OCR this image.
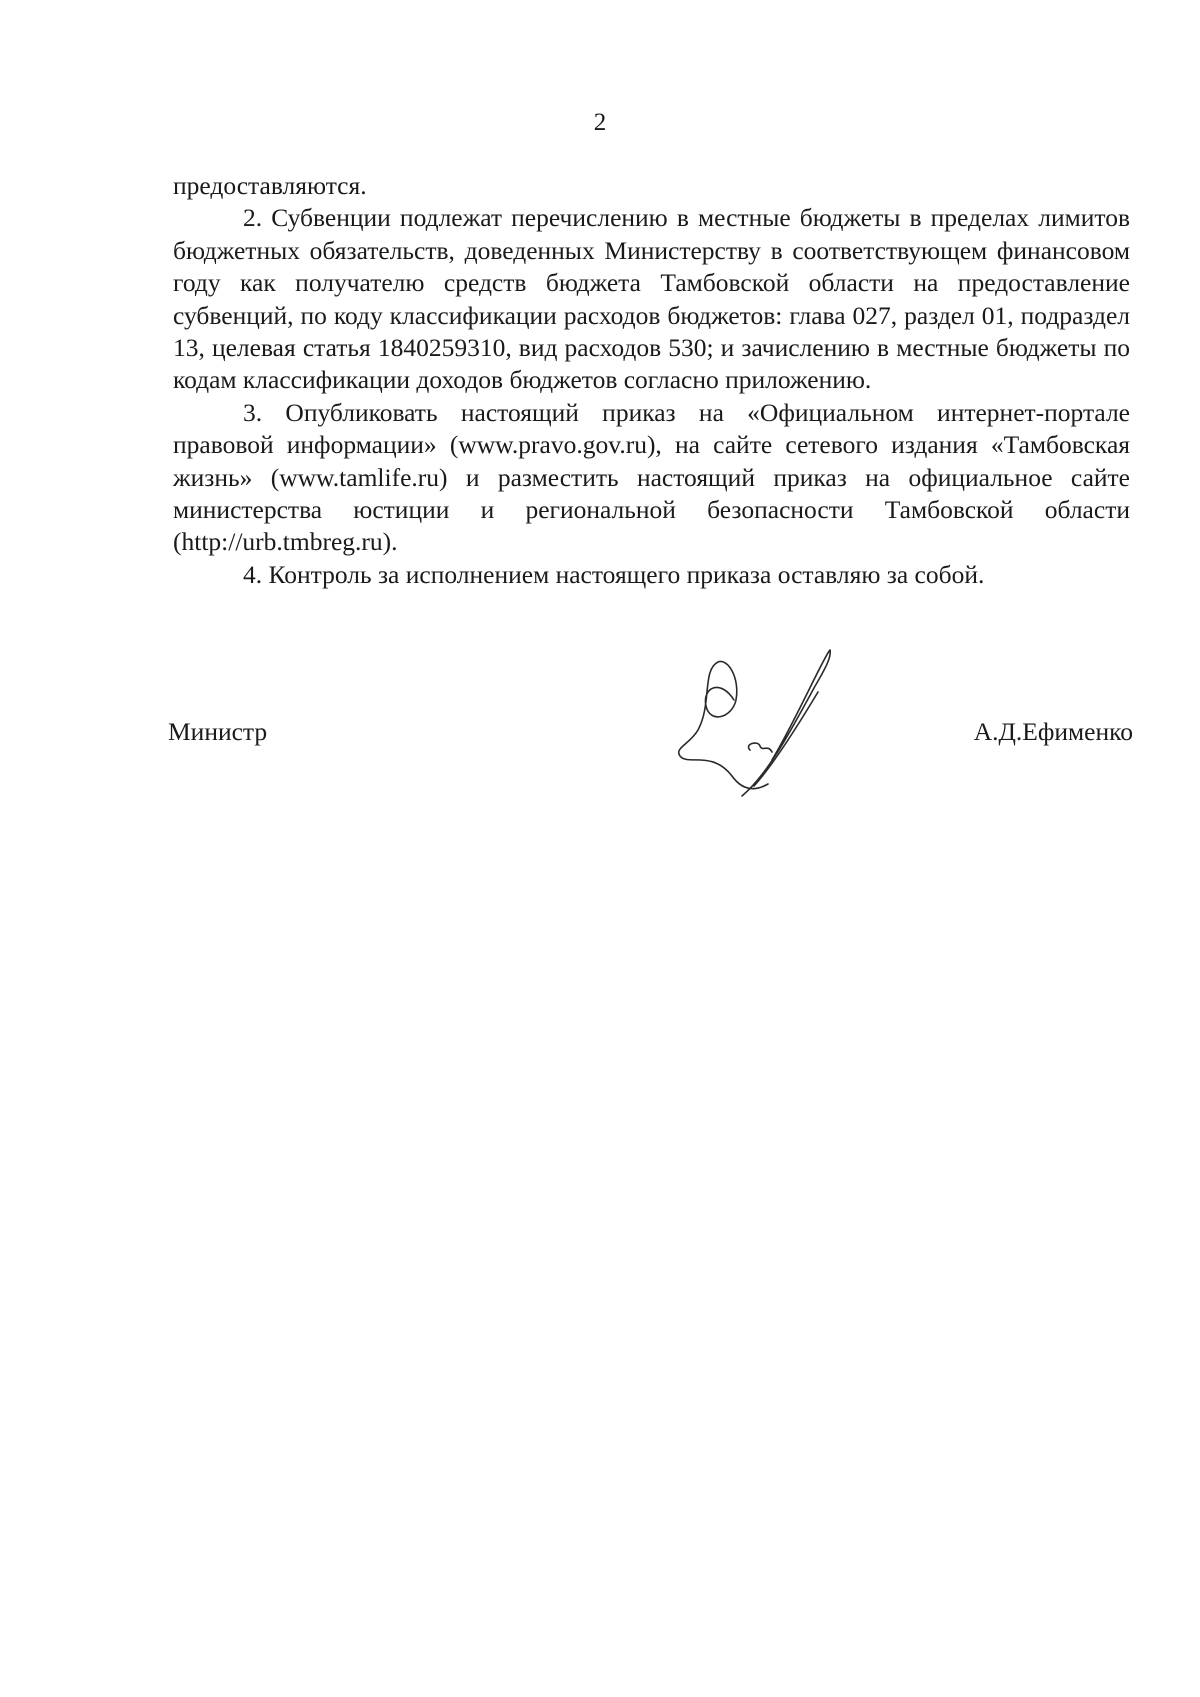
2

предоставляются.

2. Субвенции подлежат перечислению в местные бюджеты в пределах лимитов бюджетных обязательств, доведенных Министерству в соответствующем финансовом году как получателю средств бюджета Тамбовской области на предоставление субвенций, по коду классификации расходов бюджетов: глава 027, раздел 01, подраздел 13, целевая статья 1840259310, вид расходов 530; и зачислению в местные бюджеты по кодам классификации доходов бюджетов согласно приложению.

3. Опубликовать настоящий приказ на «Официальном интернет-портале правовой информации» (www.pravo.gov.ru), на сайте сетевого издания «Тамбовская жизнь» (www.tamlife.ru) и разместить настоящий приказ на официальное сайте министерства юстиции и региональной безопасности Тамбовской области (http://urb.tmbreg.ru).

4. Контроль за исполнением настоящего приказа оставляю за собой.

Министр	А.Д.Ефименко
